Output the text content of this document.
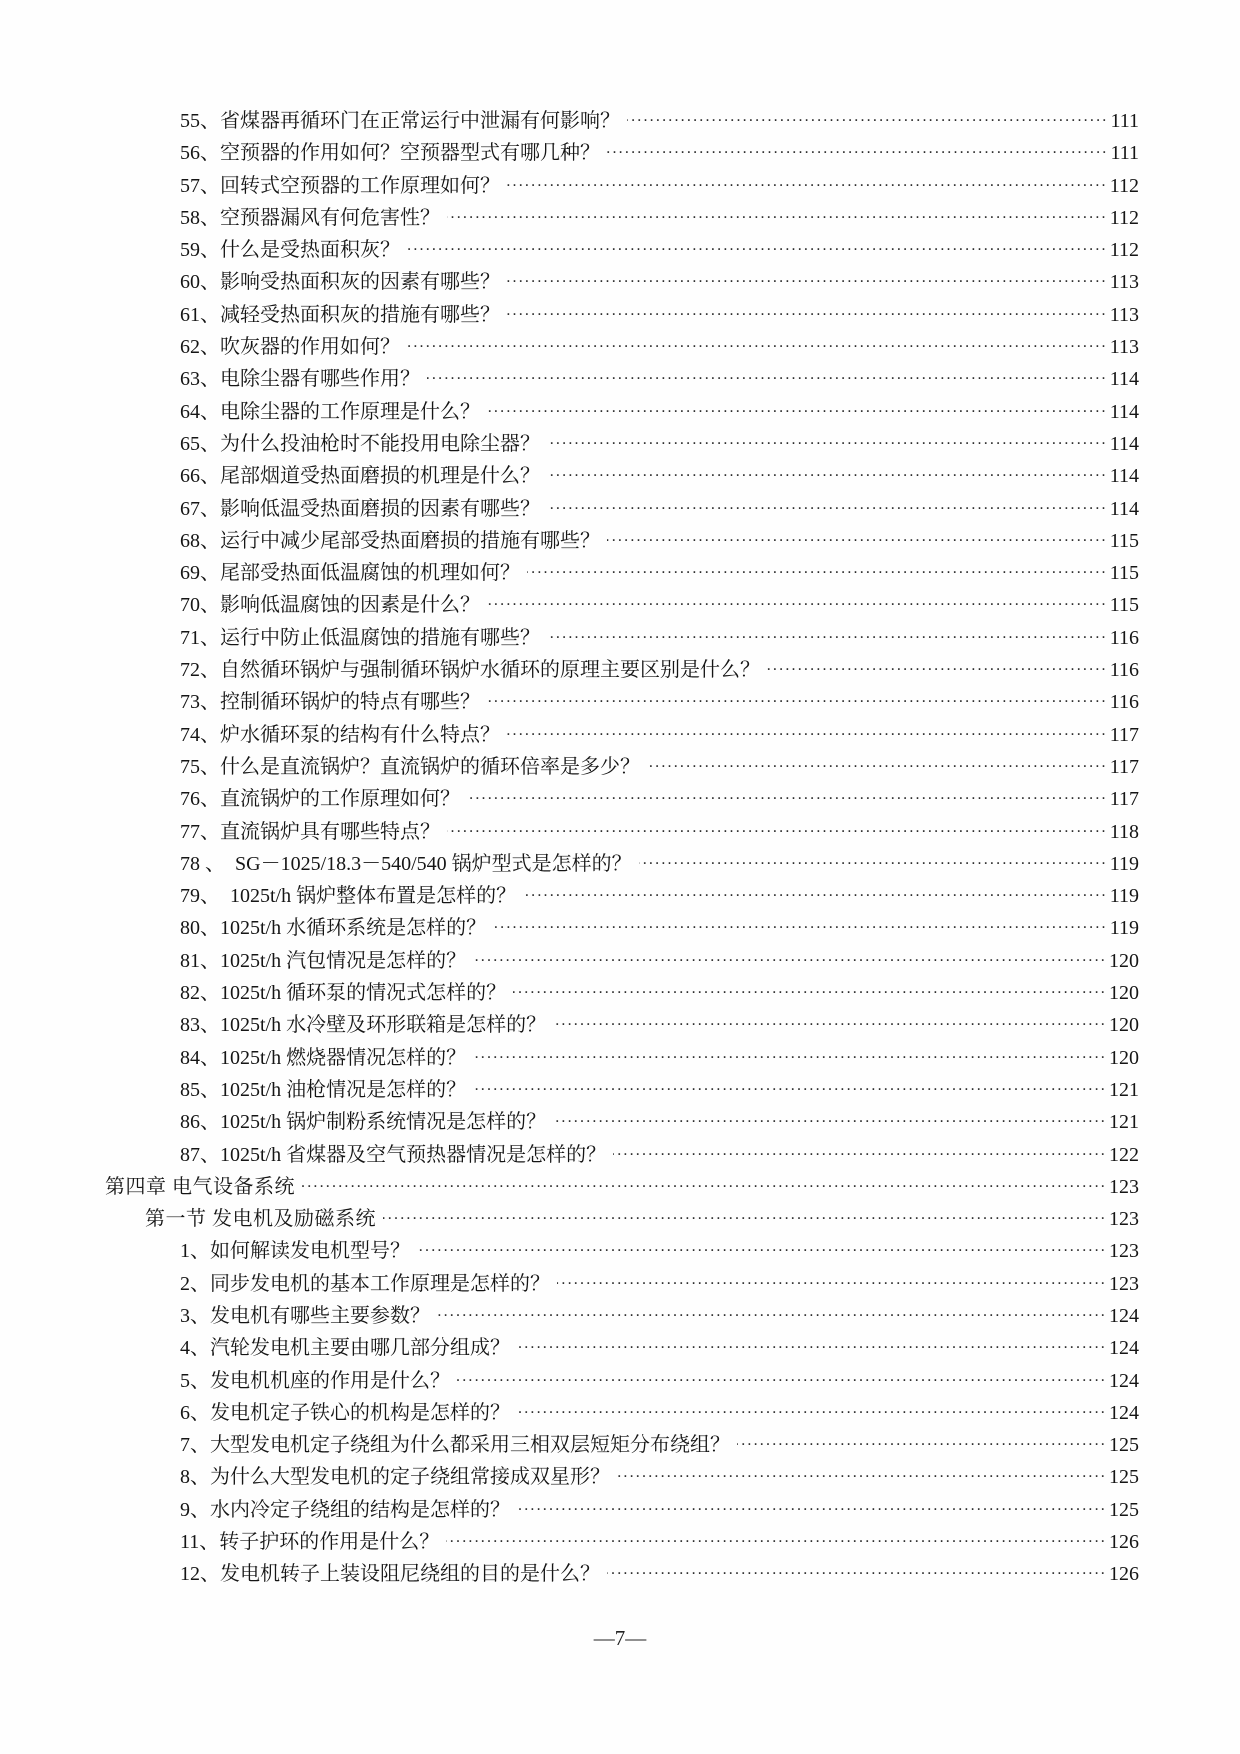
55、省煤器再循环门在正常运行中泄漏有何影响？ .....	111
56、空预器的作用如何？空预器型式有哪几种？ .....	111
57、回转式空预器的工作原理如何？ .....	112
58、空预器漏风有何危害性？ .....	112
59、什么是受热面积灰？ .....	112
60、影响受热面积灰的因素有哪些？ .....	113
61、减轻受热面积灰的措施有哪些？ .....	113
62、吹灰器的作用如何？ .....	113
63、电除尘器有哪些作用？ .....	114
64、电除尘器的工作原理是什么？ .....	114
65、为什么投油枪时不能投用电除尘器？ .....	114
66、尾部烟道受热面磨损的机理是什么？ .....	114
67、影响低温受热面磨损的因素有哪些？ .....	114
68、运行中减少尾部受热面磨损的措施有哪些？ .....	115
69、尾部受热面低温腐蚀的机理如何？ .....	115
70、影响低温腐蚀的因素是什么？ .....	115
71、运行中防止低温腐蚀的措施有哪些？ .....	116
72、自然循环锅炉与强制循环锅炉水循环的原理主要区别是什么？ .....	116
73、控制循环锅炉的特点有哪些？ .....	116
74、炉水循环泵的结构有什么特点？ .....	117
75、什么是直流锅炉？直流锅炉的循环倍率是多少？ .....	117
76、直流锅炉的工作原理如何？ .....	117
77、直流锅炉具有哪些特点？ .....	118
78 、　SG－1025/18.3－540/540 锅炉型式是怎样的？ .....	119
79、　1025t/h 锅炉整体布置是怎样的？ .....	119
80、1025t/h 水循环系统是怎样的？ .....	119
81、1025t/h 汽包情况是怎样的？ .....	120
82、1025t/h 循环泵的情况式怎样的？ .....	120
83、1025t/h 水冷壁及环形联箱是怎样的？ .....	120
84、1025t/h 燃烧器情况怎样的？ .....	120
85、1025t/h 油枪情况是怎样的？ .....	121
86、1025t/h 锅炉制粉系统情况是怎样的？ .....	121
87、1025t/h 省煤器及空气预热器情况是怎样的？ .....	122
第四章 电气设备系统 .....	123
第一节 发电机及励磁系统 .....	123
1、如何解读发电机型号？ .....	123
2、同步发电机的基本工作原理是怎样的？ .....	123
3、发电机有哪些主要参数？ .....	124
4、汽轮发电机主要由哪几部分组成？ .....	124
5、发电机机座的作用是什么？ .....	124
6、发电机定子铁心的机构是怎样的？ .....	124
7、大型发电机定子绕组为什么都采用三相双层短矩分布绕组？ .....	125
8、为什么大型发电机的定子绕组常接成双星形？ .....	125
9、水内冷定子绕组的结构是怎样的？ .....	125
11、转子护环的作用是什么？ .....	126
12、发电机转子上装设阻尼绕组的目的是什么？ .....	126
—7—
